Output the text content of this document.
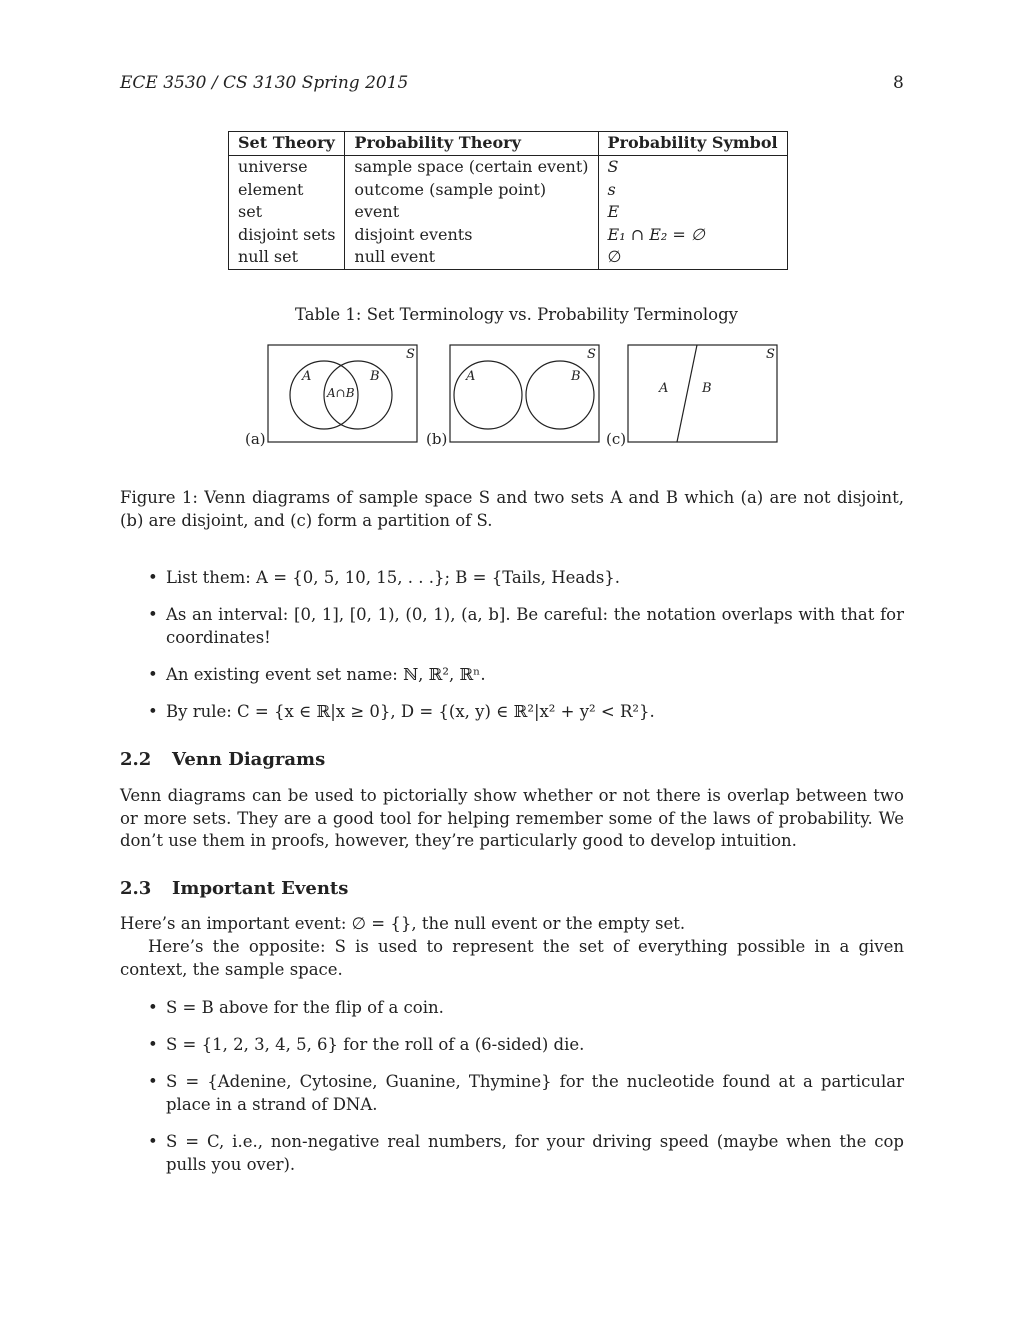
ECE 3530 / CS 3130 Spring 2015	8
Set Theory	Probability Theory	Probability Symbol
universe	sample space (certain event)	S
element	outcome (sample point)	s
set	event	E
disjoint sets	disjoint events	E₁ ∩ E₂ = ∅
null set	null event	∅
Table 1: Set Terminology vs. Probability Terminology
S
A	B
A∩B
(a)
S
A	B
(b)
S
A	B
(c)
Figure 1: Venn diagrams of sample space S and two sets A and B which (a) are not disjoint, (b) are disjoint, and (c) form a partition of S.
• List them: A = {0, 5, 10, 15, . . .}; B = {Tails, Heads}.
• As an interval: [0, 1], [0, 1), (0, 1), (a, b]. Be careful: the notation overlaps with that for coordinates!
• An existing event set name: ℕ, ℝ², ℝⁿ.
• By rule: C = {x ∈ ℝ|x ≥ 0}, D = {(x, y) ∈ ℝ²|x² + y² < R²}.
2.2 Venn Diagrams
Venn diagrams can be used to pictorially show whether or not there is overlap between two or more sets. They are a good tool for helping remember some of the laws of probability. We don’t use them in proofs, however, they’re particularly good to develop intuition.
2.3 Important Events
Here’s an important event: ∅ = {}, the null event or the empty set.
Here’s the opposite: S is used to represent the set of everything possible in a given context, the sample space.
• S = B above for the flip of a coin.
• S = {1, 2, 3, 4, 5, 6} for the roll of a (6-sided) die.
• S = {Adenine, Cytosine, Guanine, Thymine} for the nucleotide found at a particular place in a strand of DNA.
• S = C, i.e., non-negative real numbers, for your driving speed (maybe when the cop pulls you over).
